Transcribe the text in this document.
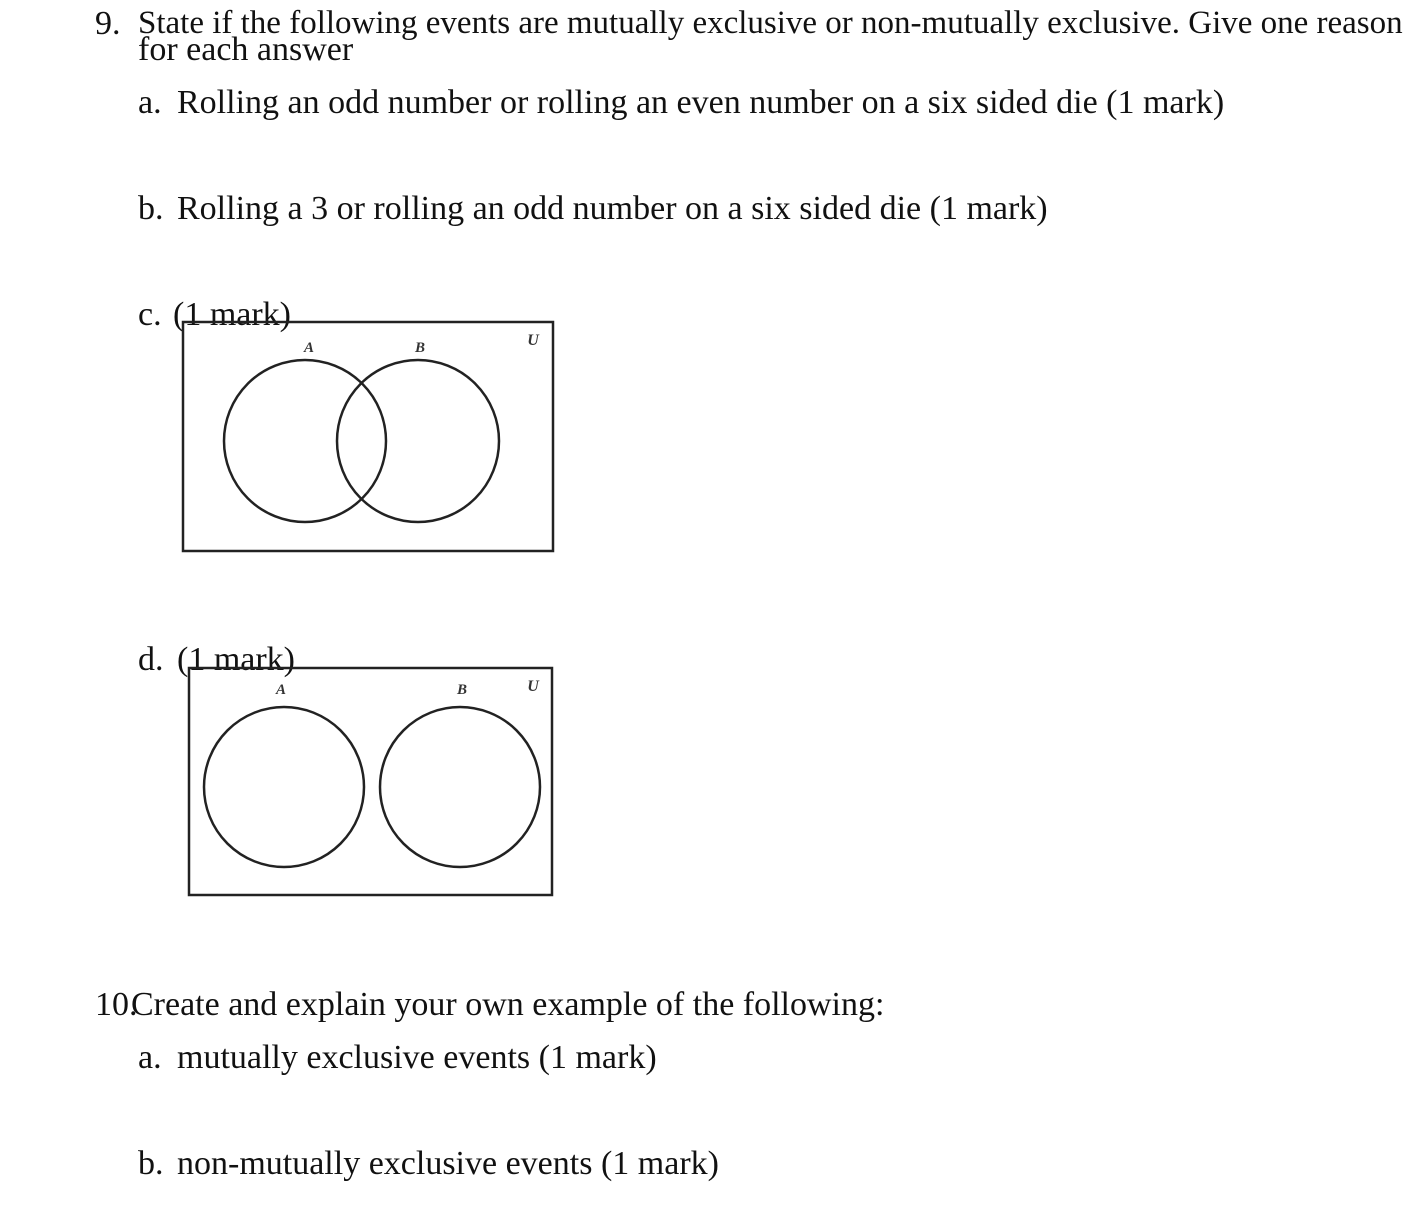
9. State if the following events are mutually exclusive or non-mutually exclusive. Give one reason
for each answer
a. Rolling an odd number or rolling an even number on a six sided die (1 mark)
b. Rolling a 3 or rolling an odd number on a six sided die (1 mark)
c. (1 mark)
A	B	U
d. (1 mark)
A	B	U
10.
Create and explain your own example of the following:
a. mutually exclusive events (1 mark)
b. non-mutually exclusive events (1 mark)
